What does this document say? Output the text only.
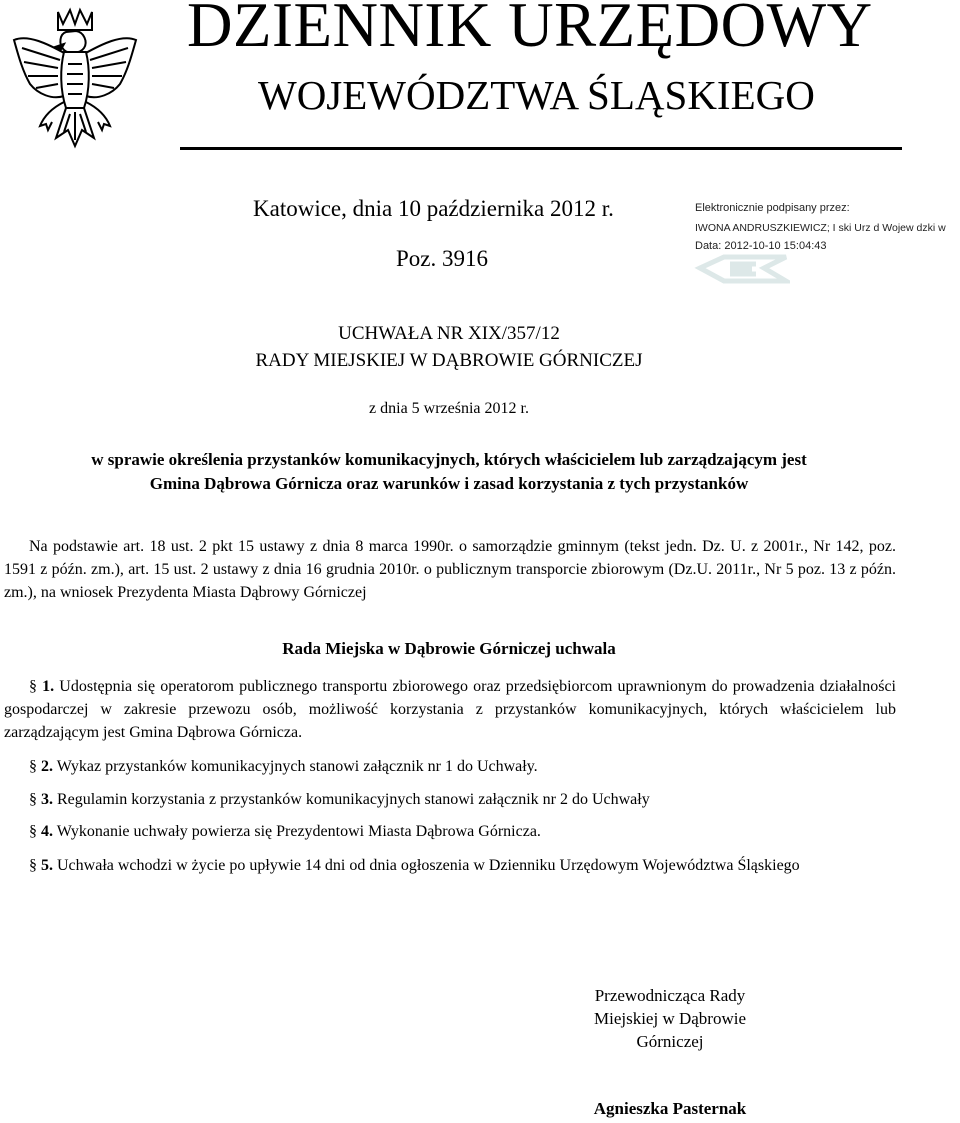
DZIENNIK URZĘDOWY
WOJEWÓDZTWA ŚLĄSKIEGO
Katowice, dnia 10 października 2012 r.
Poz. 3916
Elektronicznie podpisany przez:
IWONA ANDRUSZKIEWICZ; I ski Urz d Wojew dzki w
Data: 2012-10-10 15:04:43
UCHWAŁA NR XIX/357/12
RADY MIEJSKIEJ W DĄBROWIE GÓRNICZEJ
z dnia 5 września 2012 r.
w sprawie określenia przystanków komunikacyjnych, których właścicielem lub zarządzającym jest
Gmina Dąbrowa Górnicza oraz warunków i zasad korzystania z tych przystanków
Na podstawie art. 18 ust. 2 pkt 15 ustawy z dnia 8 marca 1990r. o samorządzie gminnym (tekst jedn. Dz. U. z 2001r., Nr 142, poz. 1591 z późn. zm.), art. 15 ust. 2 ustawy z dnia 16 grudnia 2010r. o publicznym transporcie zbiorowym (Dz.U. 2011r., Nr 5 poz. 13 z późn. zm.), na wniosek Prezydenta Miasta Dąbrowy Górniczej
Rada Miejska w Dąbrowie Górniczej uchwala
§ 1. Udostępnia się operatorom publicznego transportu zbiorowego oraz przedsiębiorcom uprawnionym do prowadzenia działalności gospodarczej w zakresie przewozu osób, możliwość korzystania z przystanków komunikacyjnych, których właścicielem lub zarządzającym jest Gmina Dąbrowa Górnicza.
§ 2. Wykaz przystanków komunikacyjnych stanowi załącznik nr 1 do Uchwały.
§ 3. Regulamin korzystania z przystanków komunikacyjnych stanowi załącznik nr 2 do Uchwały
§ 4. Wykonanie uchwały powierza się Prezydentowi Miasta Dąbrowa Górnicza.
§ 5. Uchwała wchodzi w życie po upływie 14 dni od dnia ogłoszenia w Dzienniku Urzędowym Województwa Śląskiego
Przewodnicząca Rady
Miejskiej w Dąbrowie
Górniczej
Agnieszka Pasternak
